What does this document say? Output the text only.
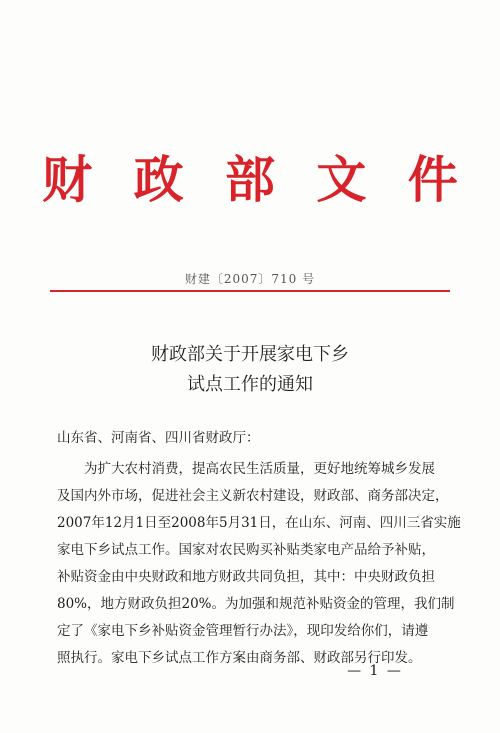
财 政 部 文 件
财建〔2007〕710 号
财政部关于开展家电下乡
试点工作的通知
山东省、河南省、四川省财政厅：
为扩大农村消费，提高农民生活质量，更好地统筹城乡发展
及国内外市场，促进社会主义新农村建设，财政部、商务部决定，
2007年12月1日至2008年5月31日，在山东、河南、四川三省实施
家电下乡试点工作。国家对农民购买补贴类家电产品给予补贴，
补贴资金由中央财政和地方财政共同负担，其中：中央财政负担
80%，地方财政负担20%。为加强和规范补贴资金的管理，我们制
定了《家电下乡补贴资金管理暂行办法》，现印发给你们，请遵
照执行。家电下乡试点工作方案由商务部、财政部另行印发。
— 1 —
